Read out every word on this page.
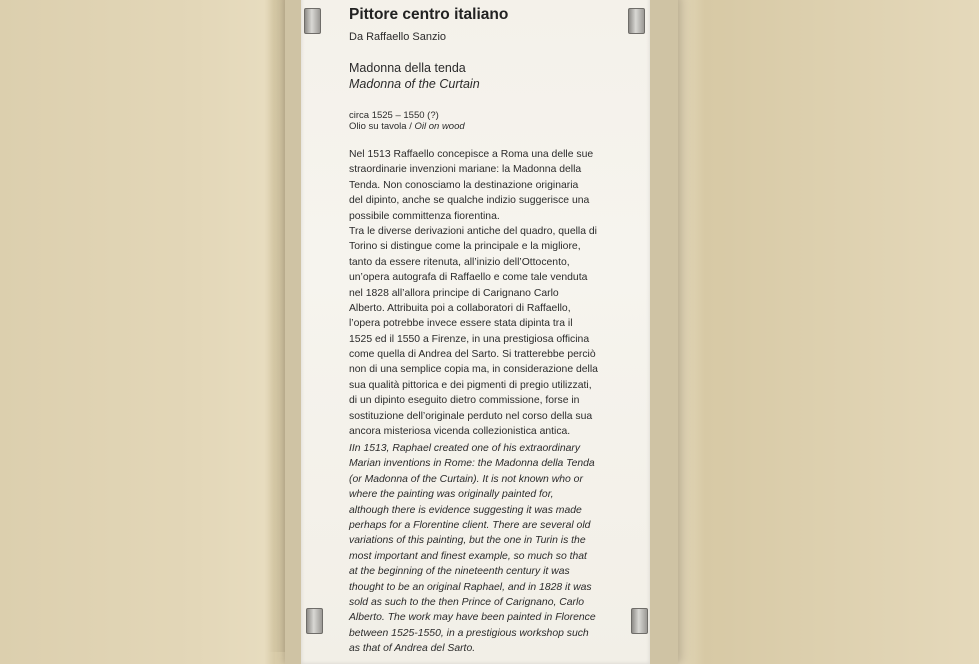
Pittore centro italiano
Da Raffaello Sanzio
Madonna della tenda
Madonna of the Curtain
circa 1525 – 1550 (?)
Olio su tavola / Oil on wood
Nel 1513 Raffaello concepisce a Roma una delle sue
straordinarie invenzioni mariane: la Madonna della
Tenda. Non conosciamo la destinazione originaria
del dipinto, anche se qualche indizio suggerisce una
possibile committenza fiorentina.
Tra le diverse derivazioni antiche del quadro, quella di
Torino si distingue come la principale e la migliore,
tanto da essere ritenuta, all’inizio dell’Ottocento,
un’opera autografa di Raffaello e come tale venduta
nel 1828 all’allora principe di Carignano Carlo
Alberto. Attribuita poi a collaboratori di Raffaello,
l’opera potrebbe invece essere stata dipinta tra il
1525 ed il 1550 a Firenze, in una prestigiosa officina
come quella di Andrea del Sarto. Si tratterebbe perciò
non di una semplice copia ma, in considerazione della
sua qualità pittorica e dei pigmenti di pregio utilizzati,
di un dipinto eseguito dietro commissione, forse in
sostituzione dell’originale perduto nel corso della sua
ancora misteriosa vicenda collezionistica antica.
IIn 1513, Raphael created one of his extraordinary
Marian inventions in Rome: the Madonna della Tenda
(or Madonna of the Curtain). It is not known who or
where the painting was originally painted for,
although there is evidence suggesting it was made
perhaps for a Florentine client. There are several old
variations of this painting, but the one in Turin is the
most important and finest example, so much so that
at the beginning of the nineteenth century it was
thought to be an original Raphael, and in 1828 it was
sold as such to the then Prince of Carignano, Carlo
Alberto. The work may have been painted in Florence
between 1525-1550, in a prestigious workshop such
as that of Andrea del Sarto.
